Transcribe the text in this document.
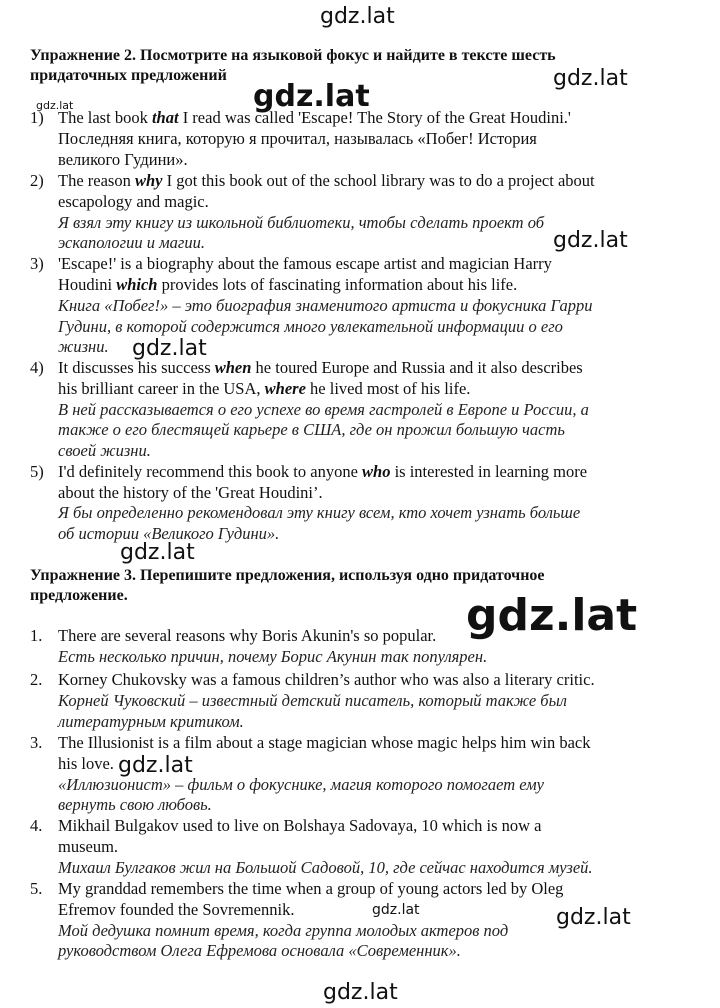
gdz.lat
gdz.lat
gdz.lat	gdz.lat
gdz.lat
gdz.lat
gdz.lat
gdz.lat
gdz.lat
gdz.lat	gdz.lat
gdz.lat
Упражнение 2. Посмотрите на языковой фокус и найдите в тексте шесть
придаточных предложений
1) The last book that I read was called 'Escape! The Story of the Great Houdini.'
Последняя книга, которую я прочитал, называлась «Побег! История
великого Гудини».
2) The reason why I got this book out of the school library was to do a project about
escapology and magic.
Я взял эту книгу из школьной библиотеки, чтобы сделать проект об
эскапологии и магии.
3) 'Escape!' is a biography about the famous escape artist and magician Harry
Houdini which provides lots of fascinating information about his life.
Книга «Побег!» – это биография знаменитого артиста и фокусника Гарри
Гудини, в которой содержится много увлекательной информации о его
жизни.
4) It discusses his success when he toured Europe and Russia and it also describes
his brilliant career in the USA, where he lived most of his life.
В ней рассказывается о его успехе во время гастролей в Европе и России, а
также о его блестящей карьере в США, где он прожил большую часть
своей жизни.
5) I'd definitely recommend this book to anyone who is interested in learning more
about the history of the 'Great Houdini’.
Я бы определенно рекомендовал эту книгу всем, кто хочет узнать больше
об истории «Великого Гудини».
Упражнение 3. Перепишите предложения, используя одно придаточное
предложение.
1. There are several reasons why Boris Akunin's so popular.
Есть несколько причин, почему Борис Акунин так популярен.
2. Korney Chukovsky was a famous children’s author who was also a literary critic.
Корней Чуковский – известный детский писатель, который также был
литературным критиком.
3. The Illusionist is a film about a stage magician whose magic helps him win back
his love.
«Иллюзионист» – фильм о фокуснике, магия которого помогает ему
вернуть свою любовь.
4. Mikhail Bulgakov used to live on Bolshaya Sadovaya, 10 which is now a
museum.
Михаил Булгаков жил на Большой Садовой, 10, где сейчас находится музей.
5. My granddad remembers the time when a group of young actors led by Oleg
Efremov founded the Sovremennik.
Мой дедушка помнит время, когда группа молодых актеров под
руководством Олега Ефремова основала «Современник».
